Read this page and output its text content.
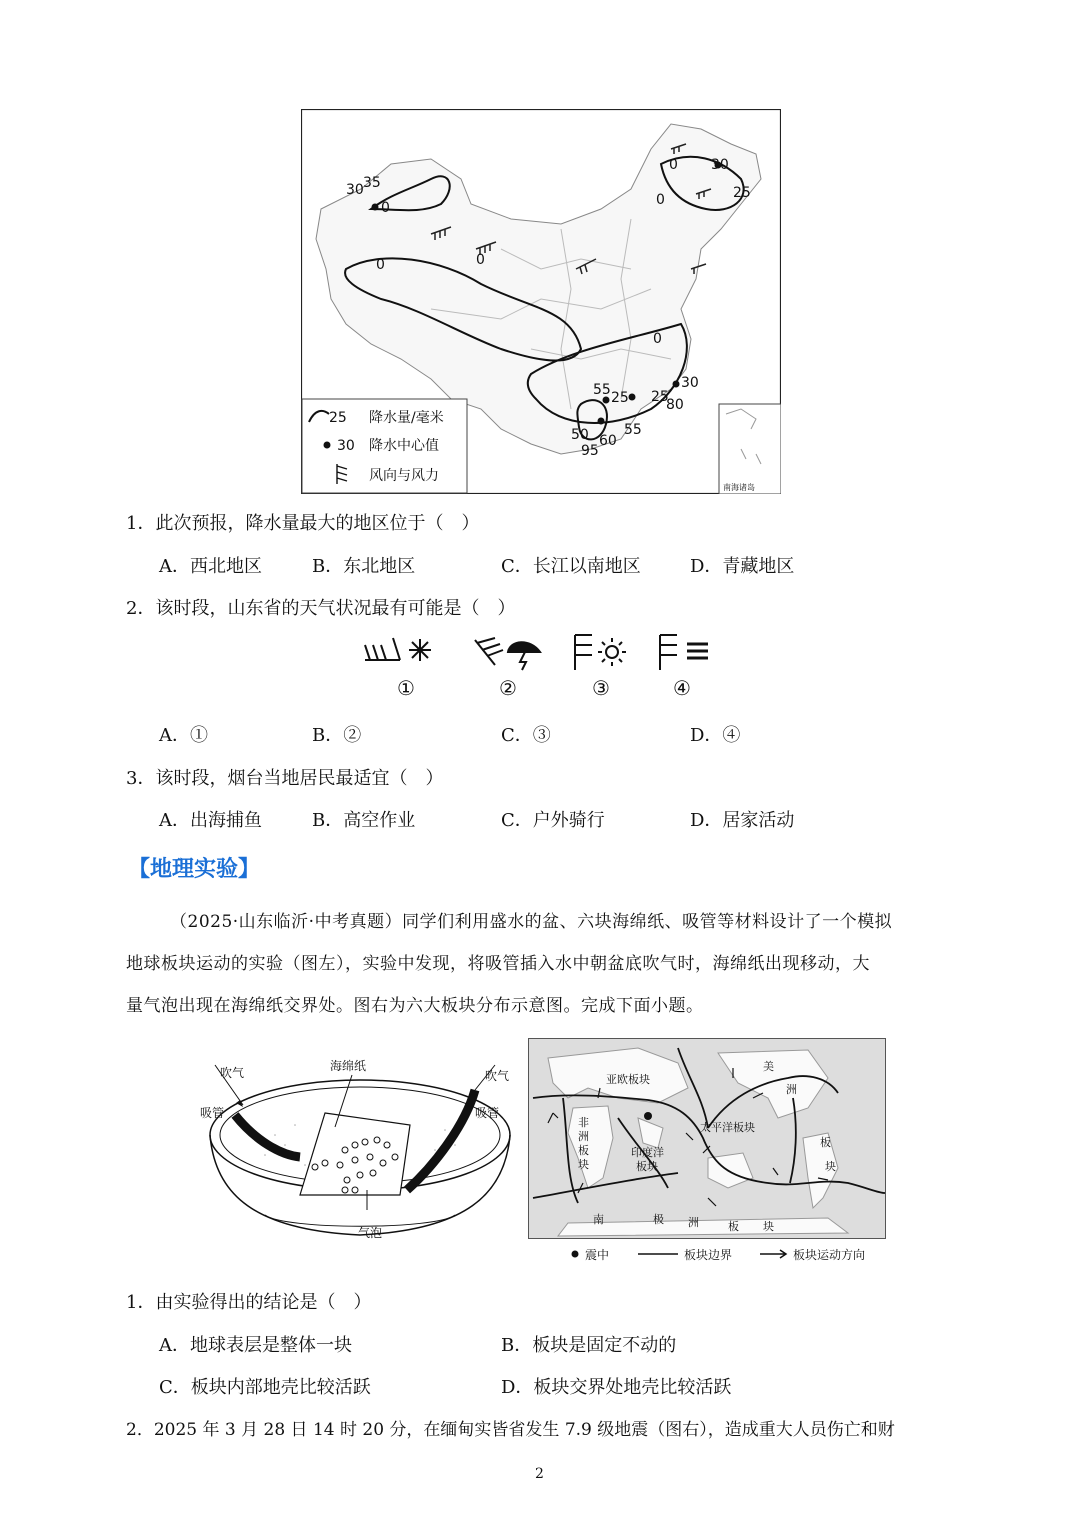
30 35
0
0	0
0 30
25
0
0
55 25 25
30
80
50 60
55
95
南海诸岛
25 降水量/毫米
30 降水中心值
风向与风力
1．此次预报，降水量最大的地区位于（　）
A．西北地区	B．东北地区	C．长江以南地区	D．青藏地区
2．该时段，山东省的天气状况最有可能是（　）
①	②	③	④
A．①	B．②	C．③	D．④
3．该时段，烟台当地居民最适宜（　）
A．出海捕鱼	B．高空作业	C．户外骑行	D．居家活动
【地理实验】
（2025·山东临沂·中考真题）同学们利用盛水的盆、六块海绵纸、吸管等材料设计了一个模拟
地球板块运动的实验（图左），实验中发现，将吸管插入水中朝盆底吹气时，海绵纸出现移动，大
量气泡出现在海绵纸交界处。图右为六大板块分布示意图。完成下面小题。
吹气	吹气
吸管	吸管
海绵纸
气泡
亚欧板块
美
洲
非
洲
板
块
太平洋板块
印度洋
板块
板
块
南	极 洲	板 块
震中	板块边界	板块运动方向
1．由实验得出的结论是（　）
A．地球表层是整体一块	B．板块是固定不动的
C．板块内部地壳比较活跃	D．板块交界处地壳比较活跃
2．2025 年 3 月 28 日 14 时 20 分，在缅甸实皆省发生 7.9 级地震（图右），造成重大人员伤亡和财
2
